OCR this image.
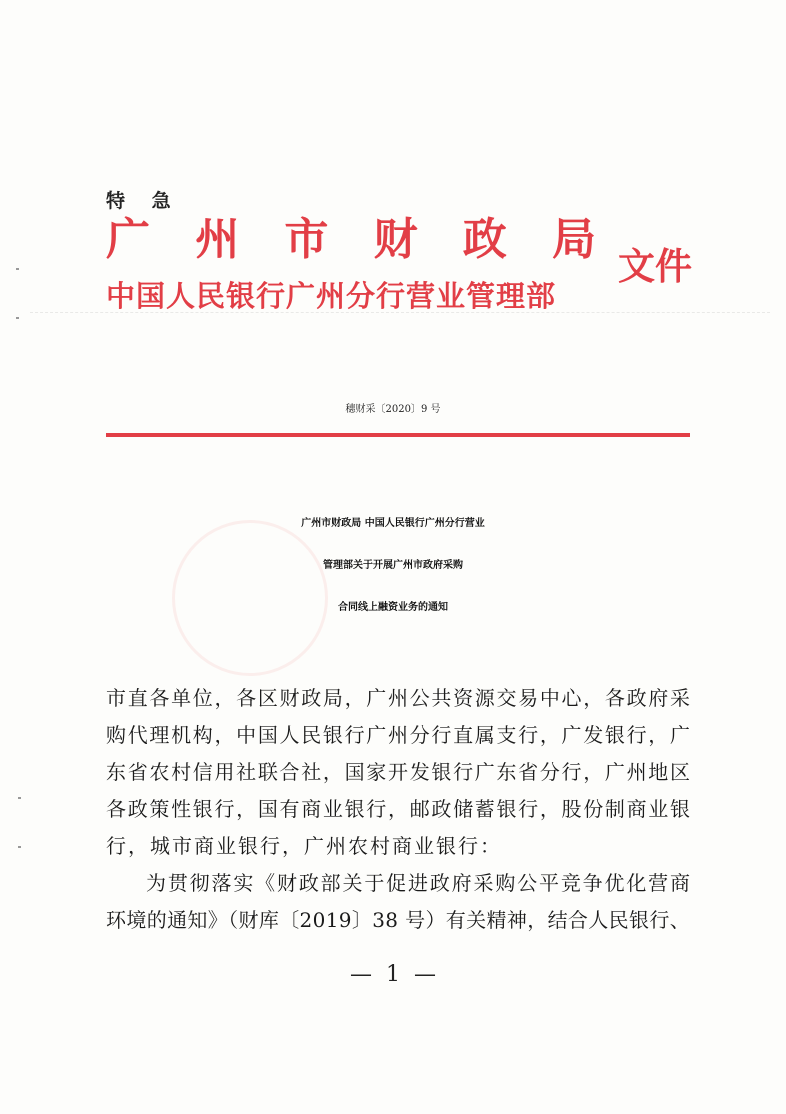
特 急
广 州 市 财 政 局
中国人民银行广州分行营业管理部
文件
穗财采〔2020〕9 号
广州市财政局 中国人民银行广州分行营业
管理部关于开展广州市政府采购
合同线上融资业务的通知
市直各单位，各区财政局，广州公共资源交易中心，各政府采
购代理机构，中国人民银行广州分行直属支行，广发银行，广
东省农村信用社联合社，国家开发银行广东省分行，广州地区
各政策性银行，国有商业银行，邮政储蓄银行，股份制商业银
行，城市商业银行，广州农村商业银行：
为贯彻落实《财政部关于促进政府采购公平竞争优化营商
环境的通知》（财库〔2019〕38 号）有关精神，结合人民银行、
— 1 —
